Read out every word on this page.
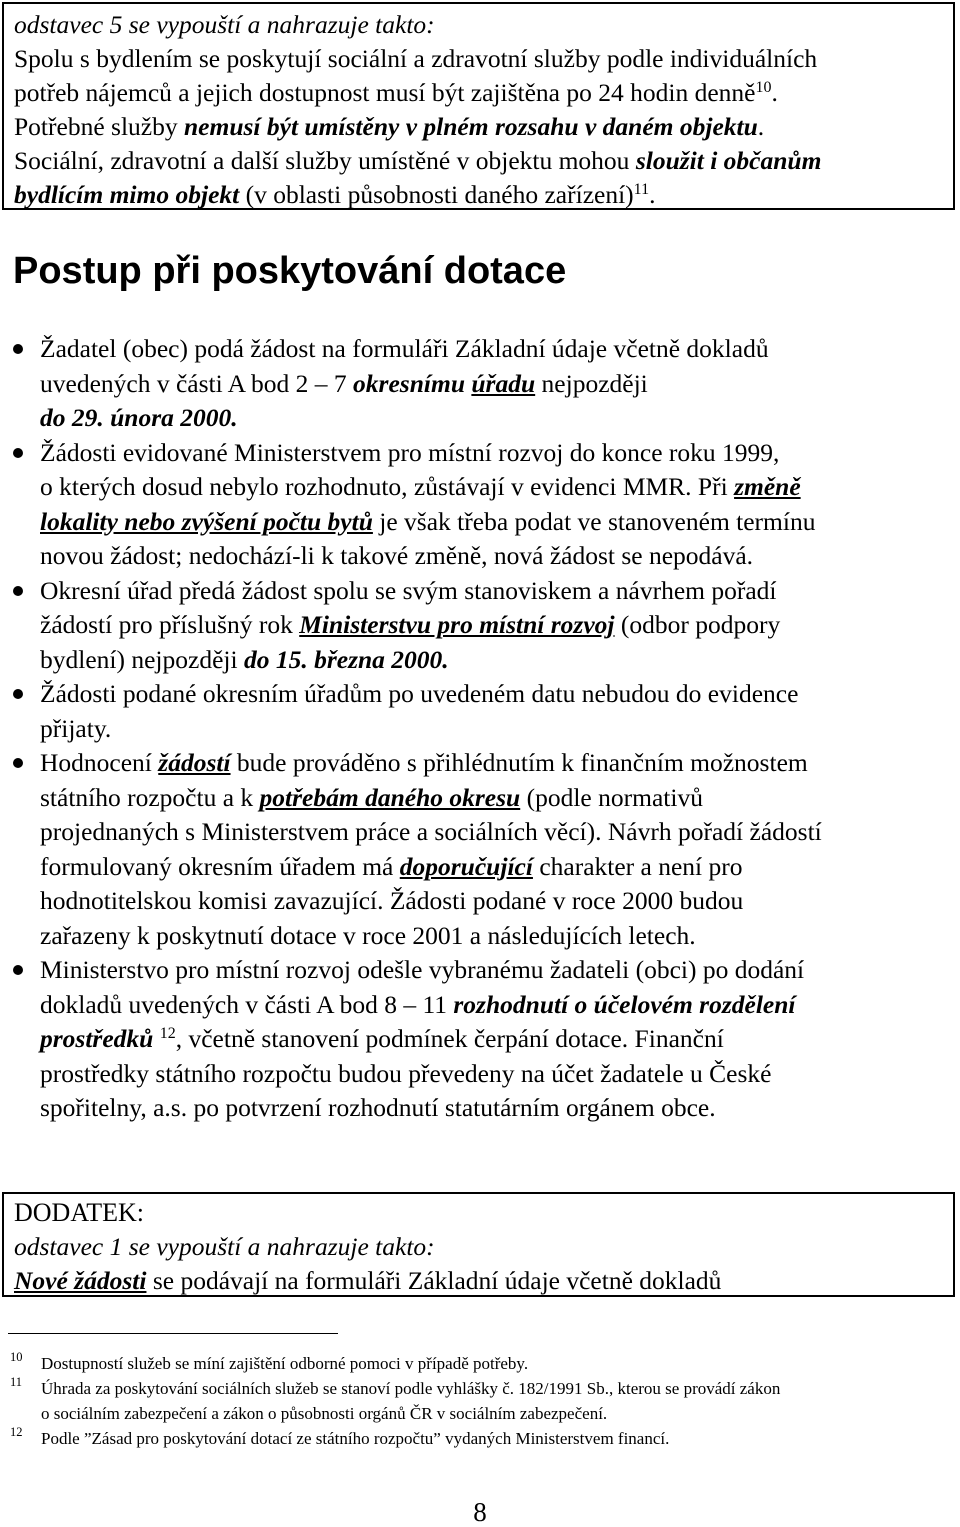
odstavec 5 se vypouští a nahrazuje takto:
Spolu s bydlením se poskytují sociální a zdravotní služby podle individuálních
potřeb nájemců a jejich dostupnost musí být zajištěna po 24 hodin denně$^{10}$.
Potřebné služby nemusí být umístěny v plném rozsahu v daném objektu.
Sociální, zdravotní a další služby umístěné v objektu mohou sloužit i občanům
bydlícím mimo objekt (v oblasti působnosti daného zařízení)$^{11}$.
Postup při poskytování dotace
Žadatel (obec) podá žádost na formuláři Základní údaje včetně dokladů
uvedených v části A bod 2 – 7 okresnímu úřadu nejpozději
do 29. února 2000.
Žádosti evidované Ministerstvem pro místní rozvoj do konce roku 1999,
o kterých dosud nebylo rozhodnuto, zůstávají v evidenci MMR. Při změně
lokality nebo zvýšení počtu bytů je však třeba podat ve stanoveném termínu
novou žádost; nedochází-li k takové změně, nová žádost se nepodává.
Okresní úřad předá žádost spolu se svým stanoviskem a návrhem pořadí
žádostí pro příslušný rok Ministerstvu pro místní rozvoj (odbor podpory
bydlení) nejpozději do 15. března 2000.
Žádosti podané okresním úřadům po uvedeném datu nebudou do evidence
přijaty.
Hodnocení žádostí bude prováděno s přihlédnutím k finančním možnostem
státního rozpočtu a k potřebám daného okresu (podle normativů
projednaných s Ministerstvem práce a sociálních věcí). Návrh pořadí žádostí
formulovaný okresním úřadem má doporučující charakter a není pro
hodnotitelskou komisi zavazující. Žádosti podané v roce 2000 budou
zařazeny k poskytnutí dotace v roce 2001 a následujících letech.
Ministerstvo pro místní rozvoj odešle vybranému žadateli (obci) po dodání
dokladů uvedených v části A bod 8 – 11 rozhodnutí o účelovém rozdělení
prostředků $^{12}$, včetně stanovení podmínek čerpání dotace. Finanční
prostředky státního rozpočtu budou převedeny na účet žadatele u České
spořitelny, a.s. po potvrzení rozhodnutí statutárním orgánem obce.
DODATEK:
odstavec 1 se vypouští a nahrazuje takto:
Nové žádosti se podávají na formuláři Základní údaje včetně dokladů
10 Dostupností služeb se míní zajištění odborné pomoci v případě potřeby.
11 Úhrada za poskytování sociálních služeb se stanoví podle vyhlášky č. 182/1991 Sb., kterou se provádí zákon
o sociálním zabezpečení a zákon o působnosti orgánů ČR v sociálním zabezpečení.
12 Podle ”Zásad pro poskytování dotací ze státního rozpočtu” vydaných Ministerstvem financí.
8
